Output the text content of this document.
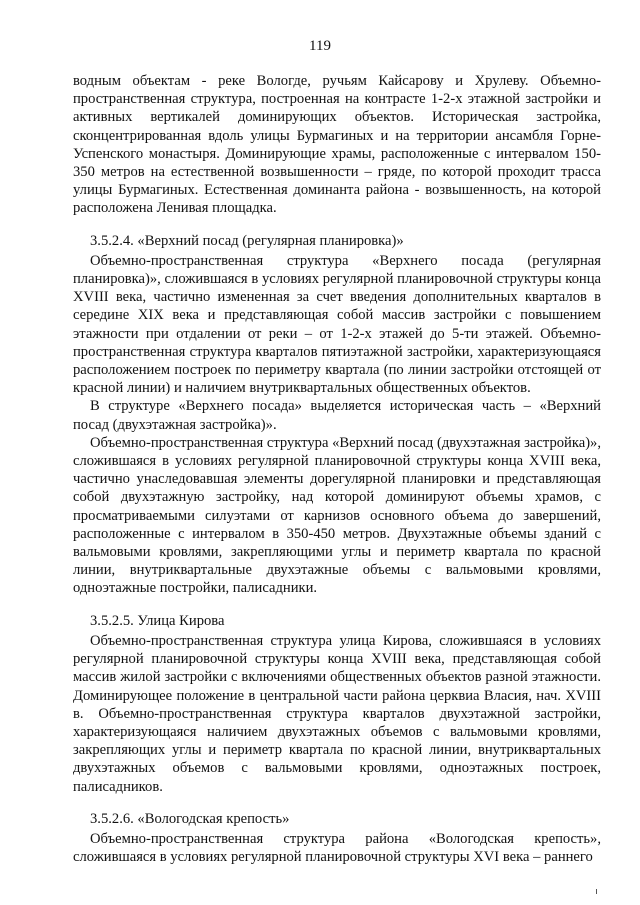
119

водным объектам - реке Вологде, ручьям Кайсарову и Хрулеву. Объемно-пространственная структура, построенная на контрасте 1-2-х этажной застройки и активных вертикалей доминирующих объектов. Историческая застройка, сконцентрированная вдоль улицы Бурмагиных и на территории ансамбля Горне-Успенского монастыря. Доминирующие храмы, расположенные с интервалом 150-350 метров на естественной возвышенности – гряде, по которой проходит трасса улицы Бурмагиных. Естественная доминанта района - возвышенность, на которой расположена Ленивая площадка.

3.5.2.4. «Верхний посад (регулярная планировка)»

Объемно-пространственная структура «Верхнего посада (регулярная планировка)», сложившаяся в условиях регулярной планировочной структуры конца XVIII века, частично измененная за счет введения дополнительных кварталов в середине XIX века и представляющая собой массив застройки с повышением этажности при отдалении от реки – от 1-2-х этажей до 5-ти этажей. Объемно-пространственная структура кварталов пятиэтажной застройки, характеризующаяся расположением построек по периметру квартала (по линии застройки отстоящей от красной линии) и наличием внутриквартальных общественных объектов.

В структуре «Верхнего посада» выделяется историческая часть – «Верхний посад (двухэтажная застройка)».

Объемно-пространственная структура «Верхний посад (двухэтажная застройка)», сложившаяся в условиях регулярной планировочной структуры конца XVIII века, частично унаследовавшая элементы дорегулярной планировки и представляющая собой двухэтажную застройку, над которой доминируют объемы храмов, с просматриваемыми силуэтами от карнизов основного объема до завершений, расположенные с интервалом в 350-450 метров. Двухэтажные объемы зданий с вальмовыми кровлями, закрепляющими углы и периметр квартала по красной линии, внутриквартальные двухэтажные объемы с вальмовыми кровлями, одноэтажные постройки, палисадники.

3.5.2.5. Улица Кирова

Объемно-пространственная структура улица Кирова, сложившаяся в условиях регулярной планировочной структуры конца XVIII века, представляющая собой массив жилой застройки с включениями общественных объектов разной этажности. Доминирующее положение в центральной части района церквиа Власия, нач. XVIII в. Объемно-пространственная структура кварталов двухэтажной застройки, характеризующаяся наличием двухэтажных объемов с вальмовыми кровлями, закрепляющих углы и периметр квартала по красной линии, внутриквартальных двухэтажных объемов с вальмовыми кровлями, одноэтажных построек, палисадников.

3.5.2.6. «Вологодская крепость»

Объемно-пространственная структура района «Вологодская крепость», сложившаяся в условиях регулярной планировочной структуры XVI века – раннего
